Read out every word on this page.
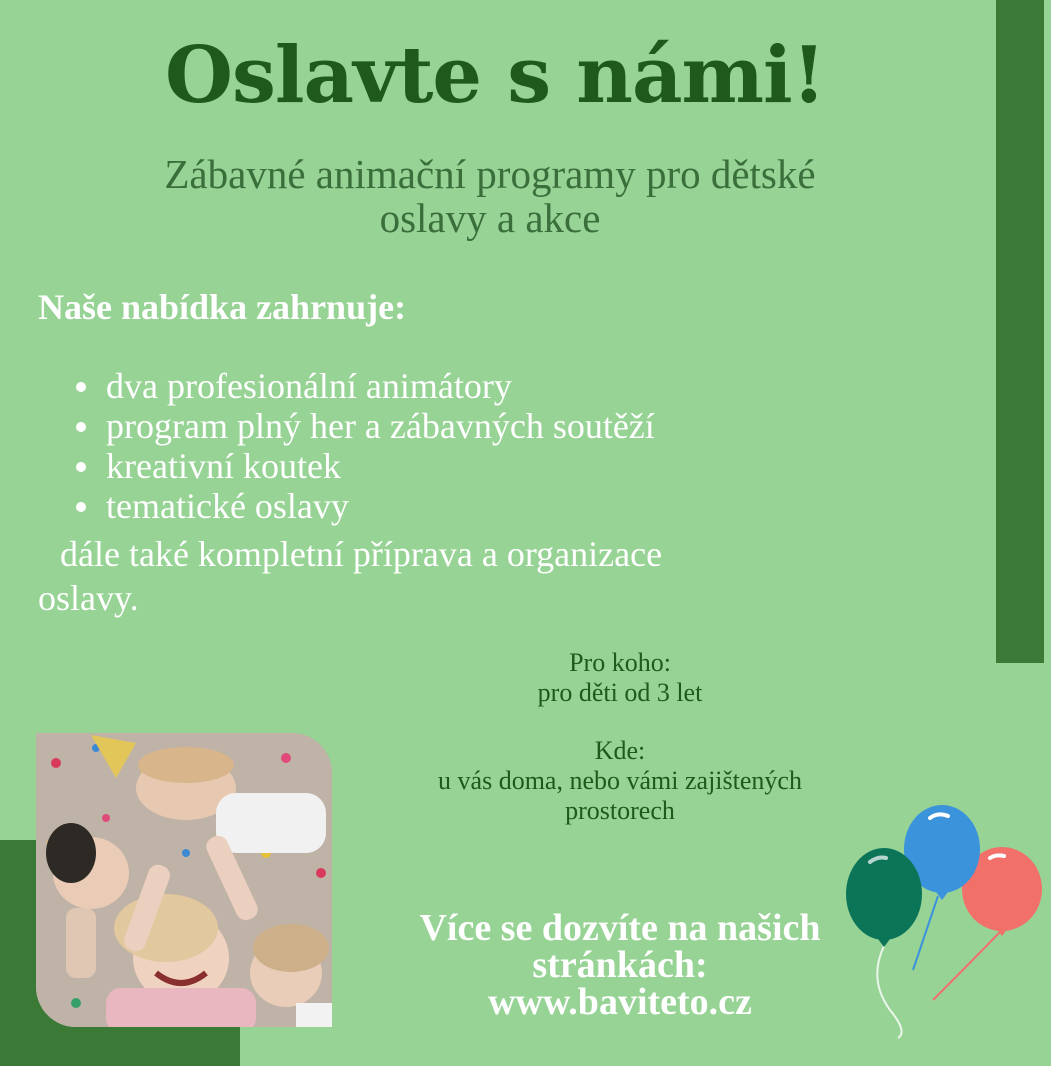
Oslavte s námi!
Zábavné animační programy pro dětské
oslavy a akce
Naše nabídka zahrnuje:
dva profesionální animátory
program plný her a zábavných soutěží
kreativní koutek
tematické oslavy
dále také kompletní příprava a organizace
oslavy.
Pro koho:
pro děti od 3 let
Kde:
u vás doma, nebo vámi zajištených
prostorech
Více se dozvíte na našich
stránkách:
www.baviteto.cz
